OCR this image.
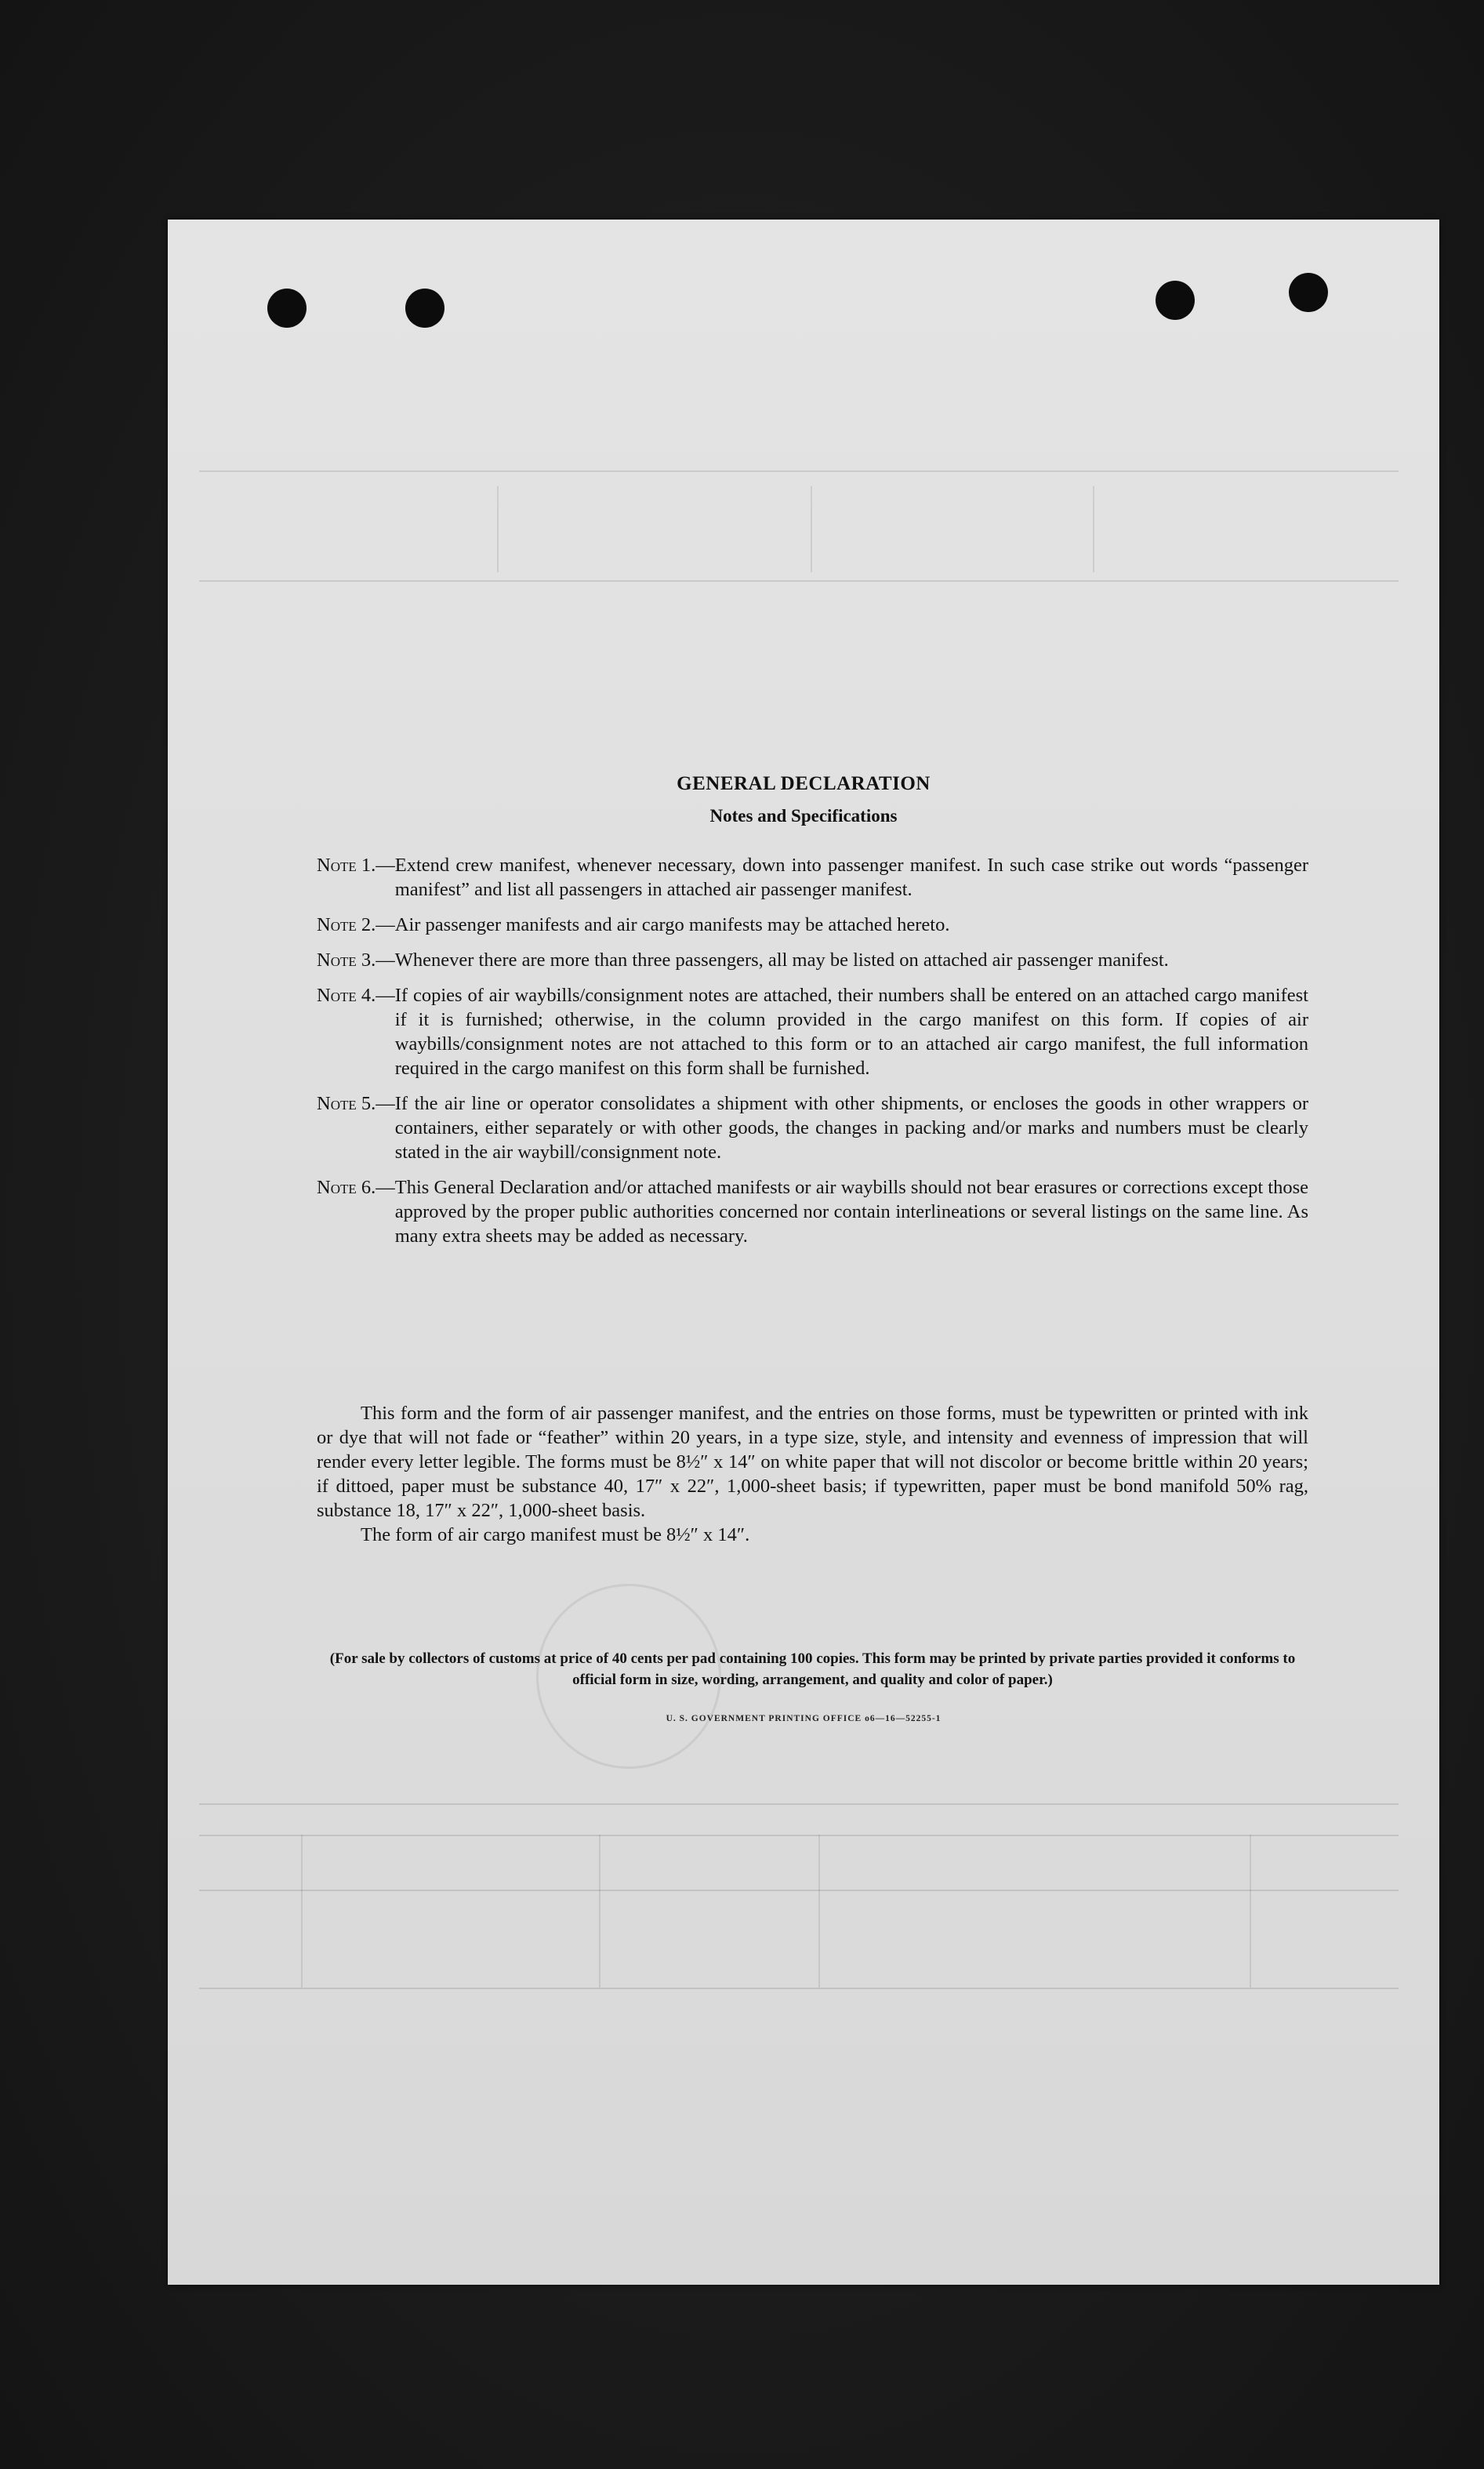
GENERAL DECLARATION
Notes and Specifications
Note 1.— Extend crew manifest, whenever necessary, down into passenger manifest. In such case strike out words “passenger manifest” and list all passengers in attached air passenger manifest.
Note 2.— Air passenger manifests and air cargo manifests may be attached hereto.
Note 3.— Whenever there are more than three passengers, all may be listed on attached air passenger manifest.
Note 4.— If copies of air waybills/consignment notes are attached, their numbers shall be entered on an attached cargo manifest if it is furnished; otherwise, in the column provided in the cargo manifest on this form. If copies of air waybills/consignment notes are not attached to this form or to an attached air cargo manifest, the full information required in the cargo manifest on this form shall be furnished.
Note 5.— If the air line or operator consolidates a shipment with other shipments, or encloses the goods in other wrappers or containers, either separately or with other goods, the changes in packing and/or marks and numbers must be clearly stated in the air waybill/consignment note.
Note 6.— This General Declaration and/or attached manifests or air waybills should not bear erasures or corrections except those approved by the proper public authorities concerned nor contain interlineations or several listings on the same line. As many extra sheets may be added as necessary.

This form and the form of air passenger manifest, and the entries on those forms, must be typewritten or printed with ink or dye that will not fade or “feather” within 20 years, in a type size, style, and intensity and evenness of impression that will render every letter legible. The forms must be 8½″ x 14″ on white paper that will not discolor or become brittle within 20 years; if dittoed, paper must be substance 40, 17″ x 22″, 1,000-sheet basis; if typewritten, paper must be bond manifold 50% rag, substance 18, 17″ x 22″, 1,000-sheet basis.

The form of air cargo manifest must be 8½″ x 14″.

(For sale by collectors of customs at price of 40 cents per pad containing 100 copies. This form may be printed by private parties provided it conforms to official form in size, wording, arrangement, and quality and color of paper.)
U. S. GOVERNMENT PRINTING OFFICE o6—16—52255-1
